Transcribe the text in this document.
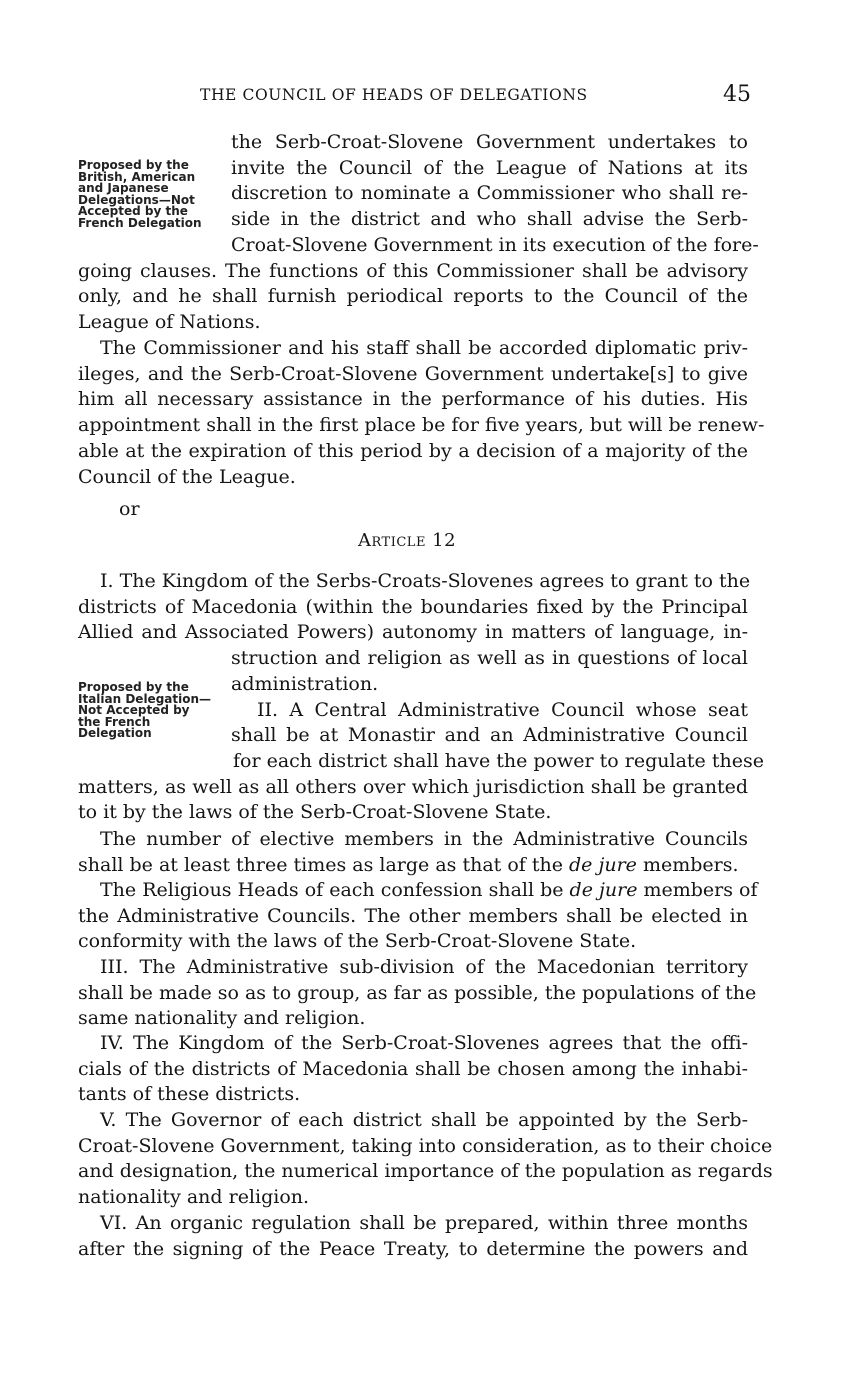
THE COUNCIL OF HEADS OF DELEGATIONS	45
Proposed by the
British, American
and Japanese
Delegations—Not
Accepted by the
French Delegation
the Serb-Croat-Slovene Government undertakes to
invite the Council of the League of Nations at its
discretion to nominate a Commissioner who shall re-
side in the district and who shall advise the Serb-
Croat-Slovene Government in its execution of the fore-
going clauses. The functions of this Commissioner shall be advisory
only, and he shall furnish periodical reports to the Council of the
League of Nations.
The Commissioner and his staff shall be accorded diplomatic priv-
ileges, and the Serb-Croat-Slovene Government undertake[s] to give
him all necessary assistance in the performance of his duties. His
appointment shall in the first place be for five years, but will be renew-
able at the expiration of this period by a decision of a majority of the
Council of the League.
or
Article 12
Proposed by the
Italian Delegation—
Not Accepted by
the French
Delegation
I. The Kingdom of the Serbs-Croats-Slovenes agrees to grant to the
districts of Macedonia (within the boundaries fixed by the Principal
Allied and Associated Powers) autonomy in matters of language, in-
struction and religion as well as in questions of local
administration.
II. A Central Administrative Council whose seat
shall be at Monastir and an Administrative Council
for each district shall have the power to regulate these
matters, as well as all others over which jurisdiction shall be granted
to it by the laws of the Serb-Croat-Slovene State.
The number of elective members in the Administrative Councils
shall be at least three times as large as that of the de jure members.
The Religious Heads of each confession shall be de jure members of
the Administrative Councils. The other members shall be elected in
conformity with the laws of the Serb-Croat-Slovene State.
III. The Administrative sub-division of the Macedonian territory
shall be made so as to group, as far as possible, the populations of the
same nationality and religion.
IV. The Kingdom of the Serb-Croat-Slovenes agrees that the offi-
cials of the districts of Macedonia shall be chosen among the inhabi-
tants of these districts.
V. The Governor of each district shall be appointed by the Serb-
Croat-Slovene Government, taking into consideration, as to their choice
and designation, the numerical importance of the population as regards
nationality and religion.
VI. An organic regulation shall be prepared, within three months
after the signing of the Peace Treaty, to determine the powers and
